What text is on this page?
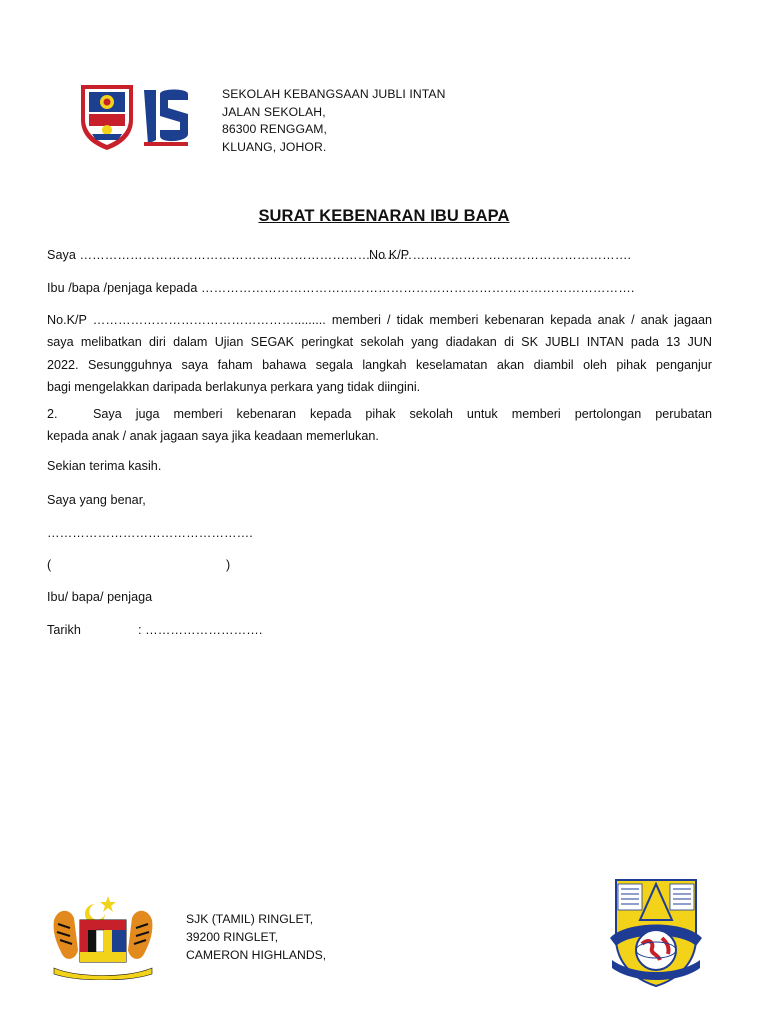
SEKOLAH KEBANGSAAN JUBLI INTAN
JALAN SEKOLAH,
86300 RENGGAM,
KLUANG, JOHOR.
SURAT KEBENARAN IBU BAPA
Saya …………………………………………………………………….
No K/P …………………………………………….
Ibu /bapa /penjaga kepada ………………………………………………………………………………………….
No.K/P …………………………………………......... memberi / tidak memberi kebenaran kepada anak / anak jagaan
saya melibatkan diri dalam Ujian SEGAK peringkat sekolah yang diadakan di SK JUBLI INTAN pada 13 JUN
2022. Sesungguhnya saya faham bahawa segala langkah keselamatan akan diambil oleh pihak penganjur
bagi mengelakkan daripada berlakunya perkara yang tidak diingini.
2.	Saya juga memberi kebenaran kepada pihak sekolah untuk memberi pertolongan perubatan
kepada anak / anak jagaan saya jika keadaan memerlukan.
Sekian terima kasih.
Saya yang benar,
………………………………………….
(	)
Ibu/ bapa/ penjaga
Tarikh	: ……………………….
SJK (TAMIL) RINGLET,
39200 RINGLET,
CAMERON HIGHLANDS,
